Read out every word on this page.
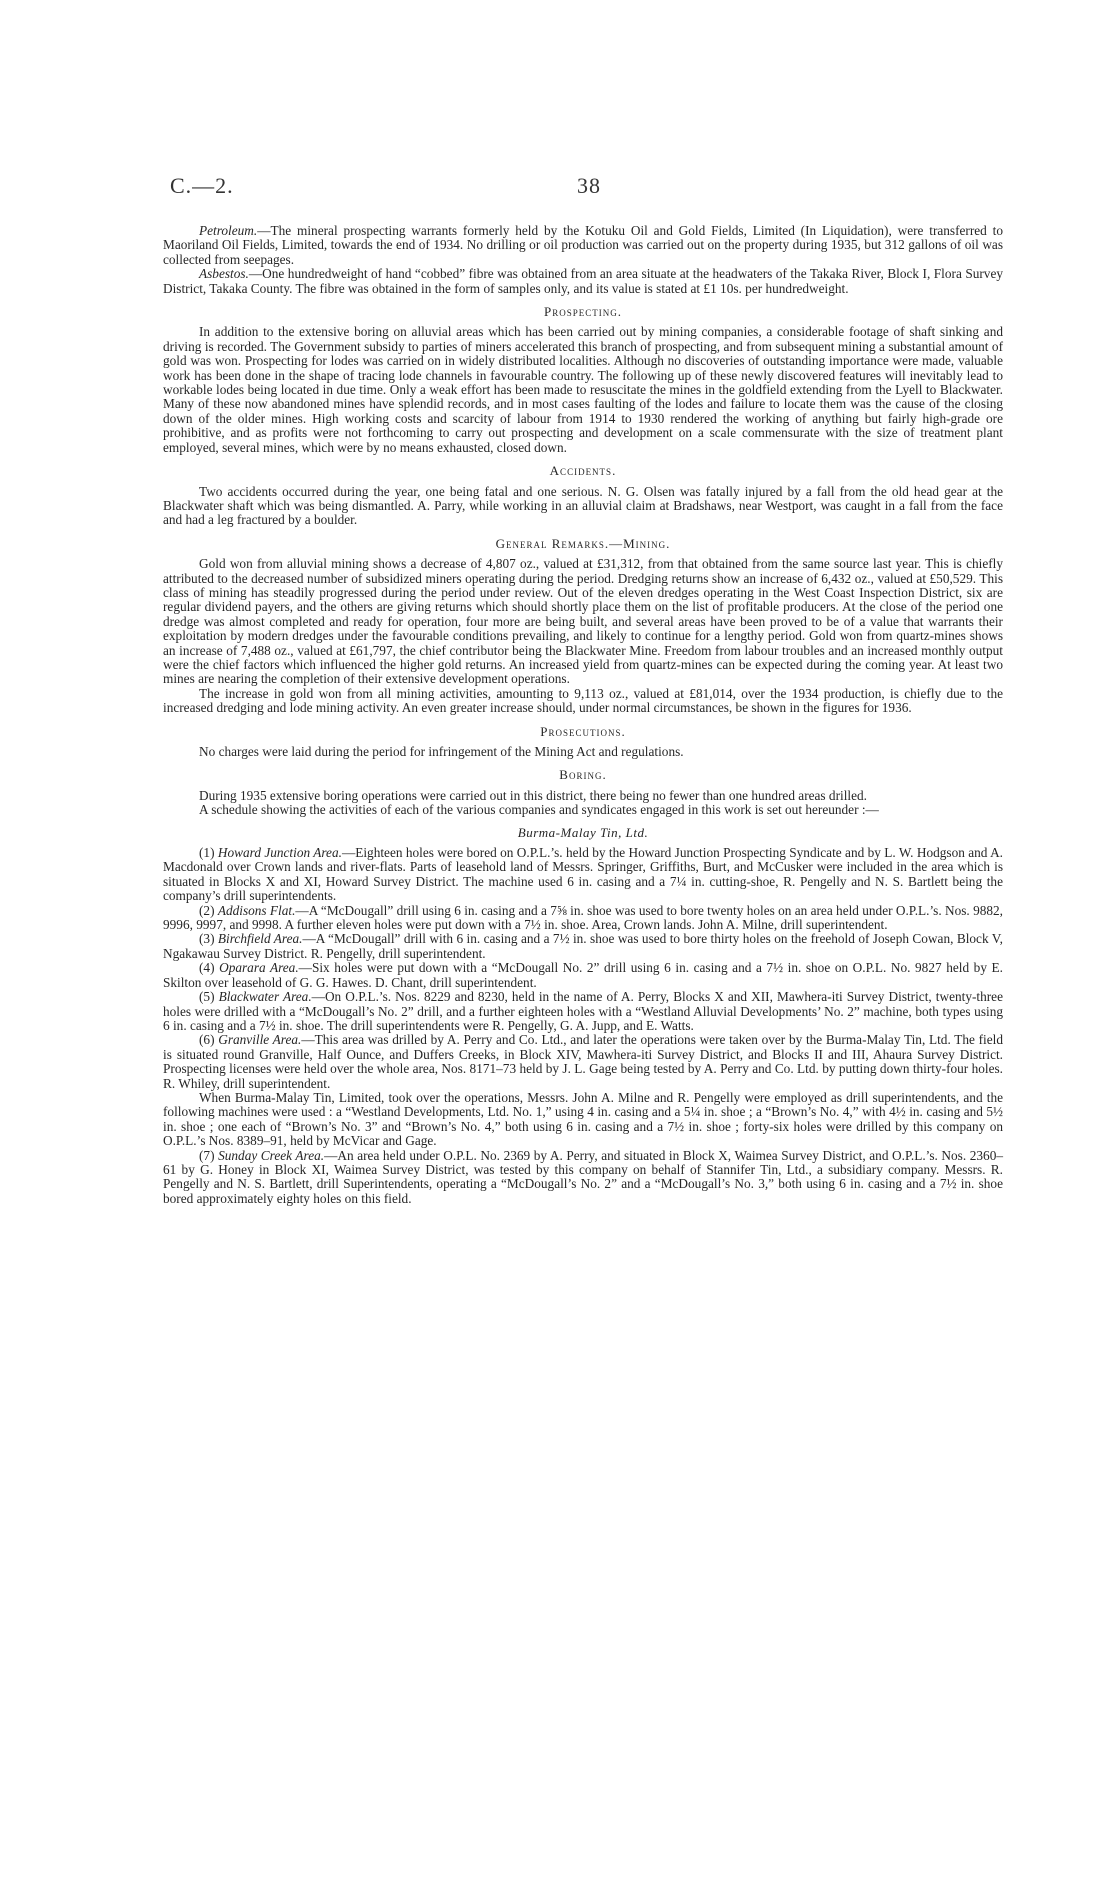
C.—2.	38

Petroleum.—The mineral prospecting warrants formerly held by the Kotuku Oil and Gold Fields, Limited (In Liquidation), were transferred to Maoriland Oil Fields, Limited, towards the end of 1934. No drilling or oil production was carried out on the property during 1935, but 312 gallons of oil was collected from seepages.

Asbestos.—One hundredweight of hand “cobbed” fibre was obtained from an area situate at the headwaters of the Takaka River, Block I, Flora Survey District, Takaka County. The fibre was obtained in the form of samples only, and its value is stated at £1 10s. per hundredweight.

Prospecting.

In addition to the extensive boring on alluvial areas which has been carried out by mining companies, a considerable footage of shaft sinking and driving is recorded. The Government subsidy to parties of miners accelerated this branch of prospecting, and from subsequent mining a substantial amount of gold was won. Prospecting for lodes was carried on in widely distributed localities. Although no discoveries of outstanding importance were made, valuable work has been done in the shape of tracing lode channels in favourable country. The following up of these newly discovered features will inevitably lead to workable lodes being located in due time. Only a weak effort has been made to resuscitate the mines in the goldfield extending from the Lyell to Blackwater. Many of these now abandoned mines have splendid records, and in most cases faulting of the lodes and failure to locate them was the cause of the closing down of the older mines. High working costs and scarcity of labour from 1914 to 1930 rendered the working of anything but fairly high-grade ore prohibitive, and as profits were not forthcoming to carry out prospecting and development on a scale commensurate with the size of treatment plant employed, several mines, which were by no means exhausted, closed down.

Accidents.

Two accidents occurred during the year, one being fatal and one serious. N. G. Olsen was fatally injured by a fall from the old head gear at the Blackwater shaft which was being dismantled. A. Parry, while working in an alluvial claim at Bradshaws, near Westport, was caught in a fall from the face and had a leg fractured by a boulder.

General Remarks.—Mining.

Gold won from alluvial mining shows a decrease of 4,807 oz., valued at £31,312, from that obtained from the same source last year. This is chiefly attributed to the decreased number of subsidized miners operating during the period. Dredging returns show an increase of 6,432 oz., valued at £50,529. This class of mining has steadily progressed during the period under review. Out of the eleven dredges operating in the West Coast Inspection District, six are regular dividend payers, and the others are giving returns which should shortly place them on the list of profitable producers. At the close of the period one dredge was almost completed and ready for operation, four more are being built, and several areas have been proved to be of a value that warrants their exploitation by modern dredges under the favourable conditions prevailing, and likely to continue for a lengthy period. Gold won from quartz-mines shows an increase of 7,488 oz., valued at £61,797, the chief contributor being the Blackwater Mine. Freedom from labour troubles and an increased monthly output were the chief factors which influenced the higher gold returns. An increased yield from quartz-mines can be expected during the coming year. At least two mines are nearing the completion of their extensive development operations.

The increase in gold won from all mining activities, amounting to 9,113 oz., valued at £81,014, over the 1934 production, is chiefly due to the increased dredging and lode mining activity. An even greater increase should, under normal circumstances, be shown in the figures for 1936.

Prosecutions.

No charges were laid during the period for infringement of the Mining Act and regulations.

Boring.

During 1935 extensive boring operations were carried out in this district, there being no fewer than one hundred areas drilled.

A schedule showing the activities of each of the various companies and syndicates engaged in this work is set out hereunder :—

Burma-Malay Tin, Ltd.

(1) Howard Junction Area.—Eighteen holes were bored on O.P.L.’s. held by the Howard Junction Prospecting Syndicate and by L. W. Hodgson and A. Macdonald over Crown lands and river-flats. Parts of leasehold land of Messrs. Springer, Griffiths, Burt, and McCusker were included in the area which is situated in Blocks X and XI, Howard Survey District. The machine used 6 in. casing and a 7¼ in. cutting-shoe, R. Pengelly and N. S. Bartlett being the company’s drill superintendents.

(2) Addisons Flat.—A “McDougall” drill using 6 in. casing and a 7⅝ in. shoe was used to bore twenty holes on an area held under O.P.L.’s. Nos. 9882, 9996, 9997, and 9998. A further eleven holes were put down with a 7½ in. shoe. Area, Crown lands. John A. Milne, drill superintendent.

(3) Birchfield Area.—A “McDougall” drill with 6 in. casing and a 7½ in. shoe was used to bore thirty holes on the freehold of Joseph Cowan, Block V, Ngakawau Survey District. R. Pengelly, drill superintendent.

(4) Oparara Area.—Six holes were put down with a “McDougall No. 2” drill using 6 in. casing and a 7½ in. shoe on O.P.L. No. 9827 held by E. Skilton over leasehold of G. G. Hawes. D. Chant, drill superintendent.

(5) Blackwater Area.—On O.P.L.’s. Nos. 8229 and 8230, held in the name of A. Perry, Blocks X and XII, Mawhera-iti Survey District, twenty-three holes were drilled with a “McDougall’s No. 2” drill, and a further eighteen holes with a “Westland Alluvial Developments’ No. 2” machine, both types using 6 in. casing and a 7½ in. shoe. The drill superintendents were R. Pengelly, G. A. Jupp, and E. Watts.

(6) Granville Area.—This area was drilled by A. Perry and Co. Ltd., and later the operations were taken over by the Burma-Malay Tin, Ltd. The field is situated round Granville, Half Ounce, and Duffers Creeks, in Block XIV, Mawhera-iti Survey District, and Blocks II and III, Ahaura Survey District. Prospecting licenses were held over the whole area, Nos. 8171–73 held by J. L. Gage being tested by A. Perry and Co. Ltd. by putting down thirty-four holes. R. Whiley, drill superintendent.

When Burma-Malay Tin, Limited, took over the operations, Messrs. John A. Milne and R. Pengelly were employed as drill superintendents, and the following machines were used : a “Westland Developments, Ltd. No. 1,” using 4 in. casing and a 5¼ in. shoe ; a “Brown’s No. 4,” with 4½ in. casing and 5½ in. shoe ; one each of “Brown’s No. 3” and “Brown’s No. 4,” both using 6 in. casing and a 7½ in. shoe ; forty-six holes were drilled by this company on O.P.L.’s Nos. 8389–91, held by McVicar and Gage.

(7) Sunday Creek Area.—An area held under O.P.L. No. 2369 by A. Perry, and situated in Block X, Waimea Survey District, and O.P.L.’s. Nos. 2360–61 by G. Honey in Block XI, Waimea Survey District, was tested by this company on behalf of Stannifer Tin, Ltd., a subsidiary company. Messrs. R. Pengelly and N. S. Bartlett, drill Superintendents, operating a “McDougall’s No. 2” and a “McDougall’s No. 3,” both using 6 in. casing and a 7½ in. shoe bored approximately eighty holes on this field.
